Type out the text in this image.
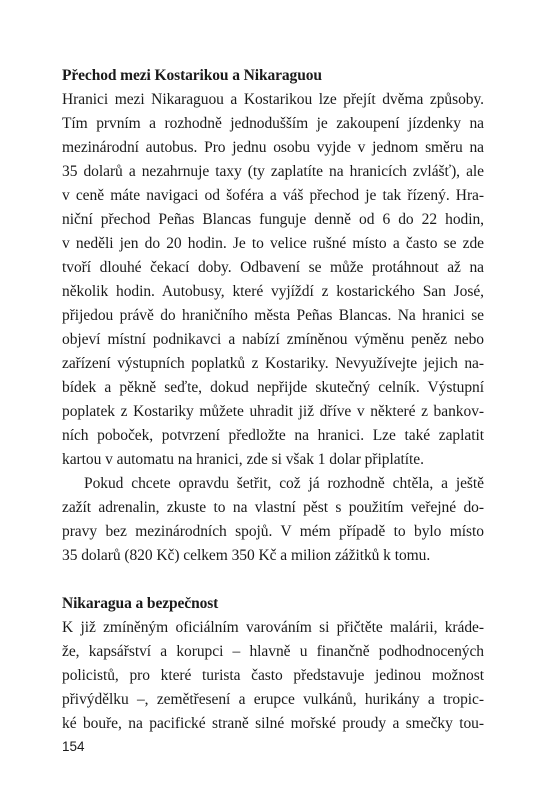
Přechod mezi Kostarikou a Nikaraguou
Hranici mezi Nikaraguou a Kostarikou lze přejít dvěma způsoby.
Tím prvním a rozhodně jednodušším je zakoupení jízdenky na
mezinárodní autobus. Pro jednu osobu vyjde v jednom směru na
35 dolarů a nezahrnuje taxy (ty zaplatíte na hranicích zvlášť), ale
v ceně máte navigaci od šoféra a váš přechod je tak řízený. Hra-
niční přechod Peñas Blancas funguje denně od 6 do 22 hodin,
v neděli jen do 20 hodin. Je to velice rušné místo a často se zde
tvoří dlouhé čekací doby. Odbavení se může protáhnout až na
několik hodin. Autobusy, které vyjíždí z kostarického San José,
přijedou právě do hraničního města Peñas Blancas. Na hranici se
objeví místní podnikavci a nabízí zmíněnou výměnu peněz nebo
zařízení výstupních poplatků z Kostariky. Nevyužívejte jejich na-
bídek a pěkně seďte, dokud nepřijde skutečný celník. Výstupní
poplatek z Kostariky můžete uhradit již dříve v některé z bankov-
ních poboček, potvrzení předložte na hranici. Lze také zaplatit
kartou v automatu na hranici, zde si však 1 dolar připlatíte.
Pokud chcete opravdu šetřit, což já rozhodně chtěla, a ještě
zažít adrenalin, zkuste to na vlastní pěst s použitím veřejné do-
pravy bez mezinárodních spojů. V mém případě to bylo místo
35 dolarů (820 Kč) celkem 350 Kč a milion zážitků k tomu.
Nikaragua a bezpečnost
K již zmíněným oficiálním varováním si přičtěte malárii, kráde-
že, kapsářství a korupci – hlavně u finančně podhodnocených
policistů, pro které turista často představuje jedinou možnost
přivýdělku –, zemětřesení a erupce vulkánů, hurikány a tropic-
ké bouře, na pacifické straně silné mořské proudy a smečky tou-
154
